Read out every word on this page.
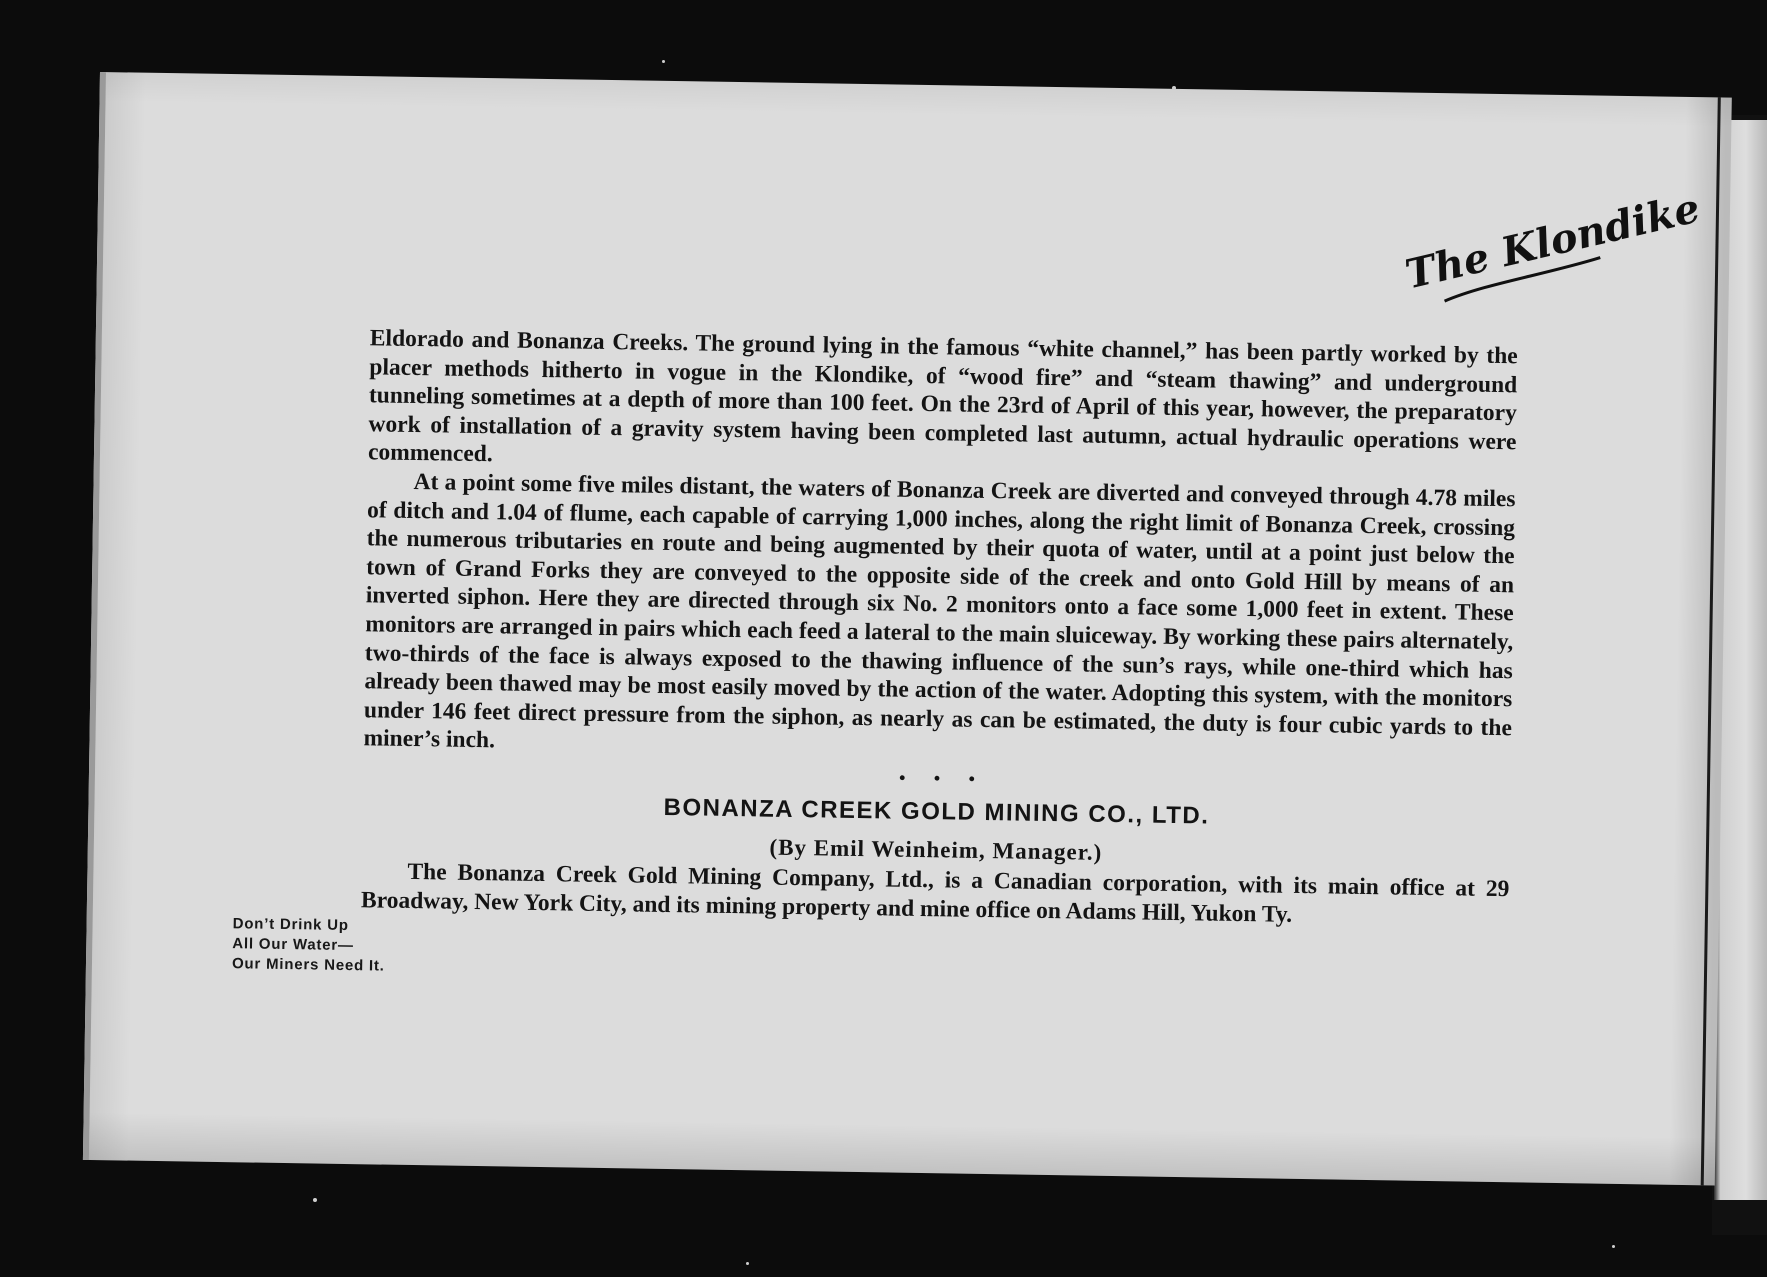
The Klondike

Eldorado and Bonanza Creeks. The ground lying in the famous “white channel,” has been partly worked by the placer methods hitherto in vogue in the Klondike, of “wood fire” and “steam thawing” and underground tunneling sometimes at a depth of more than 100 feet. On the 23rd of April of this year, however, the preparatory work of installation of a gravity system having been completed last autumn, actual hydraulic operations were commenced.

At a point some five miles distant, the waters of Bonanza Creek are diverted and conveyed through 4.78 miles of ditch and 1.04 of flume, each capable of carrying 1,000 inches, along the right limit of Bonanza Creek, crossing the numerous tributaries en route and being augmented by their quota of water, until at a point just below the town of Grand Forks they are conveyed to the opposite side of the creek and onto Gold Hill by means of an inverted siphon. Here they are directed through six No. 2 monitors onto a face some 1,000 feet in extent. These monitors are arranged in pairs which each feed a lateral to the main sluiceway. By working these pairs alternately, two-thirds of the face is always exposed to the thawing influence of the sun’s rays, while one-third which has already been thawed may be most easily moved by the action of the water. Adopting this system, with the monitors under 146 feet direct pressure from the siphon, as nearly as can be estimated, the duty is four cubic yards to the miner’s inch.

• • •
BONANZA CREEK GOLD MINING CO., LTD.
(By Emil Weinheim, Manager.)

The Bonanza Creek Gold Mining Company, Ltd., is a Canadian corporation, with its main office at 29 Broadway, New York City, and its mining property and mine office on Adams Hill, Yukon Ty.

Don’t Drink Up
All Our Water—
Our Miners Need It.
